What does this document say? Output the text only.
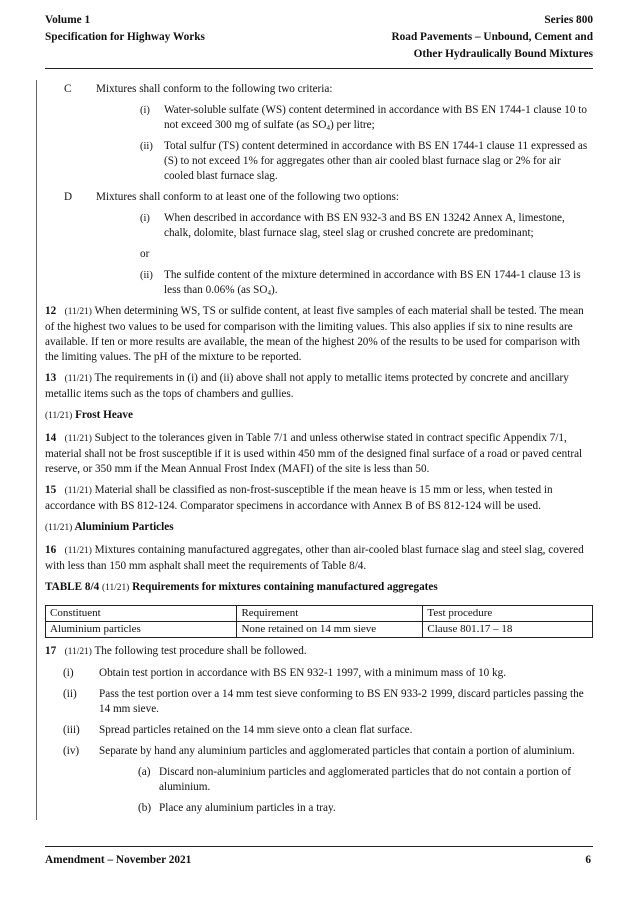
Volume 1
Specification for Highway Works
Series 800
Road Pavements – Unbound, Cement and
Other Hydraulically Bound Mixtures
C	Mixtures shall conform to the following two criteria:
(i)	Water-soluble sulfate (WS) content determined in accordance with BS EN 1744-1 clause 10 to not exceed 300 mg of sulfate (as $SO_4$) per litre;
(ii) Total sulfur (TS) content determined in accordance with BS EN 1744-1 clause 11 expressed as (S) to not exceed 1% for aggregates other than air cooled blast furnace slag or 2% for air cooled blast furnace slag.
D	Mixtures shall conform to at least one of the following two options:
(i)	When described in accordance with BS EN 932-3 and BS EN 13242 Annex A, limestone, chalk, dolomite, blast furnace slag, steel slag or crushed concrete are predominant;
or
(ii) The sulfide content of the mixture determined in accordance with BS EN 1744-1 clause 13 is less than 0.06% (as $SO_4$).

12 (11/21) When determining WS, TS or sulfide content, at least five samples of each material shall be tested. The mean of the highest two values to be used for comparison with the limiting values. This also applies if six to nine results are available. If ten or more results are available, the mean of the highest 20% of the results to be used for comparison with the limiting values. The pH of the mixture to be reported.

13 (11/21) The requirements in (i) and (ii) above shall not apply to metallic items protected by concrete and ancillary metallic items such as the tops of chambers and gullies.

(11/21) Frost Heave

14 (11/21) Subject to the tolerances given in Table 7/1 and unless otherwise stated in contract specific Appendix 7/1, material shall not be frost susceptible if it is used within 450 mm of the designed final surface of a road or paved central reserve, or 350 mm if the Mean Annual Frost Index (MAFI) of the site is less than 50.

15 (11/21) Material shall be classified as non-frost-susceptible if the mean heave is 15 mm or less, when tested in accordance with BS 812-124. Comparator specimens in accordance with Annex B of BS 812-124 will be used.

(11/21) Aluminium Particles

16 (11/21) Mixtures containing manufactured aggregates, other than air-cooled blast furnace slag and steel slag, covered with less than 150 mm asphalt shall meet the requirements of Table 8/4.

TABLE 8/4 (11/21) Requirements for mixtures containing manufactured aggregates

Constituent	Requirement	Test procedure
Aluminium particles	None retained on 14 mm sieve	Clause 801.17 – 18

17 (11/21) The following test procedure shall be followed.

(i)	Obtain test portion in accordance with BS EN 932-1 1997, with a minimum mass of 10 kg.
(ii)	Pass the test portion over a 14 mm test sieve conforming to BS EN 933-2 1999, discard particles passing the 14 mm sieve.
(iii)	Spread particles retained on the 14 mm sieve onto a clean flat surface.
(iv)	Separate by hand any aluminium particles and agglomerated particles that contain a portion of aluminium.
(a) Discard non-aluminium particles and agglomerated particles that do not contain a portion of aluminium.
(b) Place any aluminium particles in a tray.
Amendment – November 2021	6
